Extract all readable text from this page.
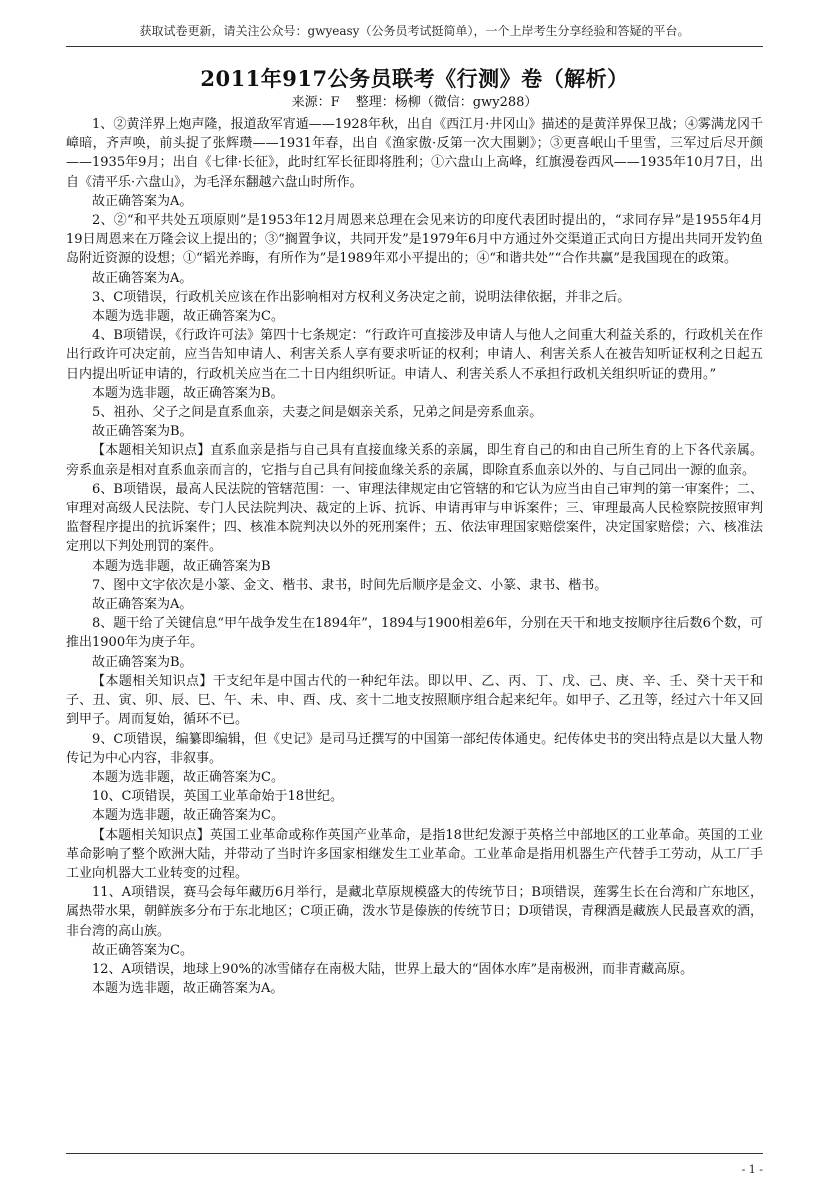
获取试卷更新，请关注公众号：gwyeasy（公务员考试挺简单），一个上岸考生分享经验和答疑的平台。
2011年917公务员联考《行测》卷（解析）
来源：F 整理：杨柳（微信：gwy288）

1、②黄洋界上炮声隆，报道敌军宵遁——1928年秋，出自《西江月·井冈山》描述的是黄洋界保卫战；④雾满龙冈千嶂暗，齐声唤，前头捉了张辉瓒——1931年春，出自《渔家傲·反第一次大围剿》；③更喜岷山千里雪，三军过后尽开颜——1935年9月；出自《七律·长征》，此时红军长征即将胜利；①六盘山上高峰，红旗漫卷西风——1935年10月7日，出自《清平乐·六盘山》，为毛泽东翻越六盘山时所作。

故正确答案为A。

2、②“和平共处五项原则”是1953年12月周恩来总理在会见来访的印度代表团时提出的，“求同存异”是1955年4月19日周恩来在万隆会议上提出的；③“搁置争议，共同开发”是1979年6月中方通过外交渠道正式向日方提出共同开发钓鱼岛附近资源的设想；①“韬光养晦，有所作为”是1989年邓小平提出的；④“和谐共处”“合作共赢”是我国现在的政策。

故正确答案为A。

3、C项错误，行政机关应该在作出影响相对方权利义务决定之前，说明法律依据，并非之后。

本题为选非题，故正确答案为C。

4、B项错误，《行政许可法》第四十七条规定：“行政许可直接涉及申请人与他人之间重大利益关系的，行政机关在作出行政许可决定前，应当告知申请人、利害关系人享有要求听证的权利；申请人、利害关系人在被告知听证权利之日起五日内提出听证申请的，行政机关应当在二十日内组织听证。申请人、利害关系人不承担行政机关组织听证的费用。”

本题为选非题，故正确答案为B。

5、祖孙、父子之间是直系血亲，夫妻之间是姻亲关系，兄弟之间是旁系血亲。

故正确答案为B。

【本题相关知识点】直系血亲是指与自己具有直接血缘关系的亲属，即生育自己的和由自己所生育的上下各代亲属。旁系血亲是相对直系血亲而言的，它指与自己具有间接血缘关系的亲属，即除直系血亲以外的、与自己同出一源的血亲。

6、B项错误，最高人民法院的管辖范围：一、审理法律规定由它管辖的和它认为应当由自己审判的第一审案件；二、审理对高级人民法院、专门人民法院判决、裁定的上诉、抗诉、申请再审与申诉案件；三、审理最高人民检察院按照审判监督程序提出的抗诉案件；四、核准本院判决以外的死刑案件；五、依法审理国家赔偿案件，决定国家赔偿；六、核准法定刑以下判处刑罚的案件。

本题为选非题，故正确答案为B

7、图中文字依次是小篆、金文、楷书、隶书，时间先后顺序是金文、小篆、隶书、楷书。

故正确答案为A。

8、题干给了关键信息“甲午战争发生在1894年”，1894与1900相差6年，分别在天干和地支按顺序往后数6个数，可推出1900年为庚子年。

故正确答案为B。

【本题相关知识点】干支纪年是中国古代的一种纪年法。即以甲、乙、丙、丁、戊、己、庚、辛、壬、癸十天干和子、丑、寅、卯、辰、巳、午、未、申、酉、戌、亥十二地支按照顺序组合起来纪年。如甲子、乙丑等，经过六十年又回到甲子。周而复始，循环不已。

9、C项错误，编纂即编辑，但《史记》是司马迁撰写的中国第一部纪传体通史。纪传体史书的突出特点是以大量人物传记为中心内容，非叙事。

本题为选非题，故正确答案为C。

10、C项错误，英国工业革命始于18世纪。

本题为选非题，故正确答案为C。

【本题相关知识点】英国工业革命或称作英国产业革命，是指18世纪发源于英格兰中部地区的工业革命。英国的工业革命影响了整个欧洲大陆，并带动了当时许多国家相继发生工业革命。工业革命是指用机器生产代替手工劳动，从工厂手工业向机器大工业转变的过程。

11、A项错误，赛马会每年藏历6月举行，是藏北草原规模盛大的传统节日；B项错误，莲雾生长在台湾和广东地区，属热带水果，朝鲜族多分布于东北地区；C项正确，泼水节是傣族的传统节日；D项错误，青稞酒是藏族人民最喜欢的酒，非台湾的高山族。

故正确答案为C。

12、A项错误，地球上90%的冰雪储存在南极大陆，世界上最大的“固体水库”是南极洲，而非青藏高原。

本题为选非题，故正确答案为A。

- 1 -
